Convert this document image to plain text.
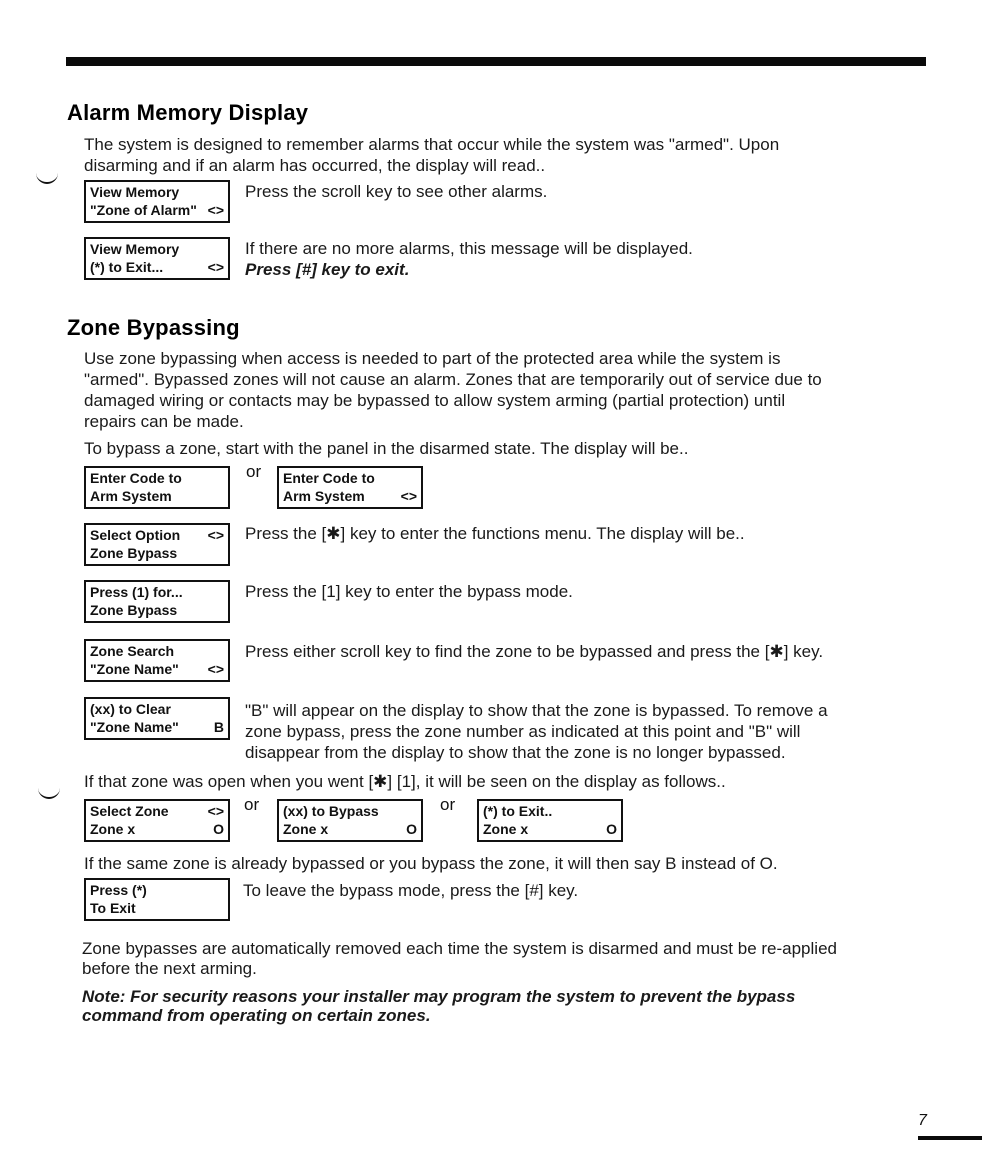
Alarm Memory Display
The system is designed to remember alarms that occur while the system was "armed". Upon
disarming and if an alarm has occurred, the display will read..
View Memory
"Zone of Alarm" <>
Press the scroll key to see other alarms.
View Memory
(*) to Exit...	<>
If there are no more alarms, this message will be displayed.
Press [#] key to exit.
Zone Bypassing
Use zone bypassing when access is needed to part of the protected area while the system is
"armed". Bypassed zones will not cause an alarm. Zones that are temporarily out of service due to
damaged wiring or contacts may be bypassed to allow system arming (partial protection) until
repairs can be made.
To bypass a zone, start with the panel in the disarmed state. The display will be..
Enter Code to
Arm System
or Enter Code to
Arm System	<>
Select Option <>
Zone Bypass
Press the [✱] key to enter the functions menu. The display will be..
Press (1) for...
Zone Bypass
Press the [1] key to enter the bypass mode.
Zone Search
"Zone Name" <>
Press either scroll key to find the zone to be bypassed and press the [✱] key.
(xx) to Clear
"Zone Name"	B
"B" will appear on the display to show that the zone is bypassed. To remove a
zone bypass, press the zone number as indicated at this point and "B" will
disappear from the display to show that the zone is no longer bypassed.
If that zone was open when you went [✱] [1], it will be seen on the display as follows..
Select Zone	<>
Zone x	O
or (xx) to Bypass
Zone x	O
or (*) to Exit..
Zone x	O
If the same zone is already bypassed or you bypass the zone, it will then say B instead of O.
Press (*)
To Exit
To leave the bypass mode, press the [#] key.
Zone bypasses are automatically removed each time the system is disarmed and must be re-applied
before the next arming.
Note: For security reasons your installer may program the system to prevent the bypass
command from operating on certain zones.
7
